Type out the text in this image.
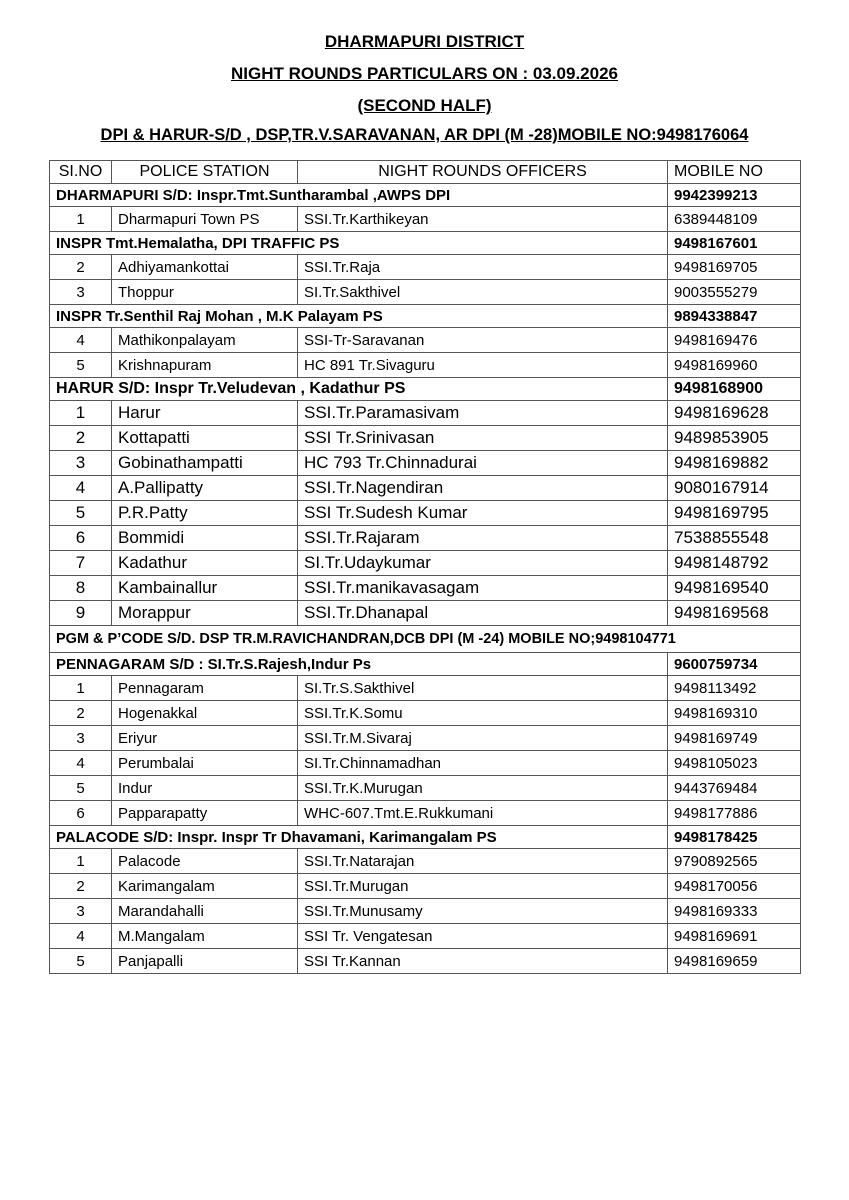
DHARMAPURI DISTRICT
NIGHT ROUNDS PARTICULARS ON : 03.09.2026
(SECOND HALF)
DPI & HARUR-S/D , DSP,TR.V.SARAVANAN, AR DPI (M -28)MOBILE NO:9498176064
SI.NO	POLICE STATION	NIGHT ROUNDS OFFICERS	MOBILE NO
DHARMAPURI S/D: Inspr.Tmt.Suntharambal ,AWPS DPI			9942399213
1	Dharmapuri Town PS	SSI.Tr.Karthikeyan	6389448109
INSPR Tmt.Hemalatha, DPI TRAFFIC PS			9498167601
2	Adhiyamankottai	SSI.Tr.Raja	9498169705
3	Thoppur	SI.Tr.Sakthivel	9003555279
INSPR Tr.Senthil Raj Mohan , M.K Palayam PS			9894338847
4	Mathikonpalayam	SSI-Tr-Saravanan	9498169476
5	Krishnapuram	HC 891 Tr.Sivaguru	9498169960
HARUR S/D: Inspr Tr.Veludevan , Kadathur PS			9498168900
1	Harur	SSI.Tr.Paramasivam	9498169628
2	Kottapatti	SSI Tr.Srinivasan	9489853905
3	Gobinathampatti	HC 793 Tr.Chinnadurai	9498169882
4	A.Pallipatty	SSI.Tr.Nagendiran	9080167914
5	P.R.Patty	SSI Tr.Sudesh Kumar	9498169795
6	Bommidi	SSI.Tr.Rajaram	7538855548
7	Kadathur	SI.Tr.Udaykumar	9498148792
8	Kambainallur	SSI.Tr.manikavasagam	9498169540
9	Morappur	SSI.Tr.Dhanapal	9498169568
PGM & P’CODE S/D. DSP TR.M.RAVICHANDRAN,DCB DPI (M -24) MOBILE NO;9498104771			
PENNAGARAM S/D : SI.Tr.S.Rajesh,Indur Ps			9600759734
1	Pennagaram	SI.Tr.S.Sakthivel	9498113492
2	Hogenakkal	SSI.Tr.K.Somu	9498169310
3	Eriyur	SSI.Tr.M.Sivaraj	9498169749
4	Perumbalai	SI.Tr.Chinnamadhan	9498105023
5	Indur	SSI.Tr.K.Murugan	9443769484
6	Papparapatty	WHC-607.Tmt.E.Rukkumani	9498177886
PALACODE S/D: Inspr. Inspr Tr Dhavamani, Karimangalam PS			9498178425
1	Palacode	SSI.Tr.Natarajan	9790892565
2	Karimangalam	SSI.Tr.Murugan	9498170056
3	Marandahalli	SSI.Tr.Munusamy	9498169333
4	M.Mangalam	SSI Tr. Vengatesan	9498169691
5	Panjapalli	SSI Tr.Kannan	9498169659
